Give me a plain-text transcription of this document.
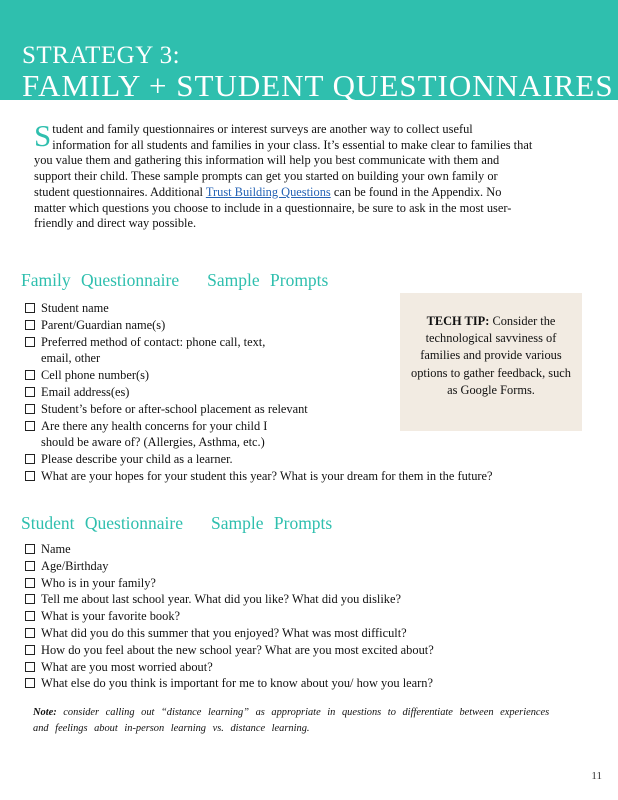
STRATEGY 3:
FAMILY + STUDENT QUESTIONNAIRES
Student and family questionnaires or interest surveys are another way to collect useful information for all students and families in your class. It’s essential to make clear to families that you value them and gathering this information will help you best communicate with them and support their child. These sample prompts can get you started on building your own family or student questionnaires. Additional Trust Building Questions can be found in the Appendix. No matter which questions you choose to include in a questionnaire, be sure to ask in the most user-friendly and direct way possible.
Family Questionnaire Sample Prompts
Student name
Parent/Guardian name(s)
Preferred method of contact: phone call, text, email, other
Cell phone number(s)
Email address(es)
Student’s before or after-school placement as relevant
Are there any health concerns for your child I should be aware of? (Allergies, Asthma, etc.)
Please describe your child as a learner.
What are your hopes for your student this year? What is your dream for them in the future?
TECH TIP: Consider the technological savviness of families and provide various options to gather feedback, such as Google Forms.
Student Questionnaire Sample Prompts
Name
Age/Birthday
Who is in your family?
Tell me about last school year. What did you like? What did you dislike?
What is your favorite book?
What did you do this summer that you enjoyed? What was most difficult?
How do you feel about the new school year? What are you most excited about?
What are you most worried about?
What else do you think is important for me to know about you/ how you learn?
Note: consider calling out “distance learning” as appropriate in questions to differentiate between experiences and feelings about in-person learning vs. distance learning.
11
